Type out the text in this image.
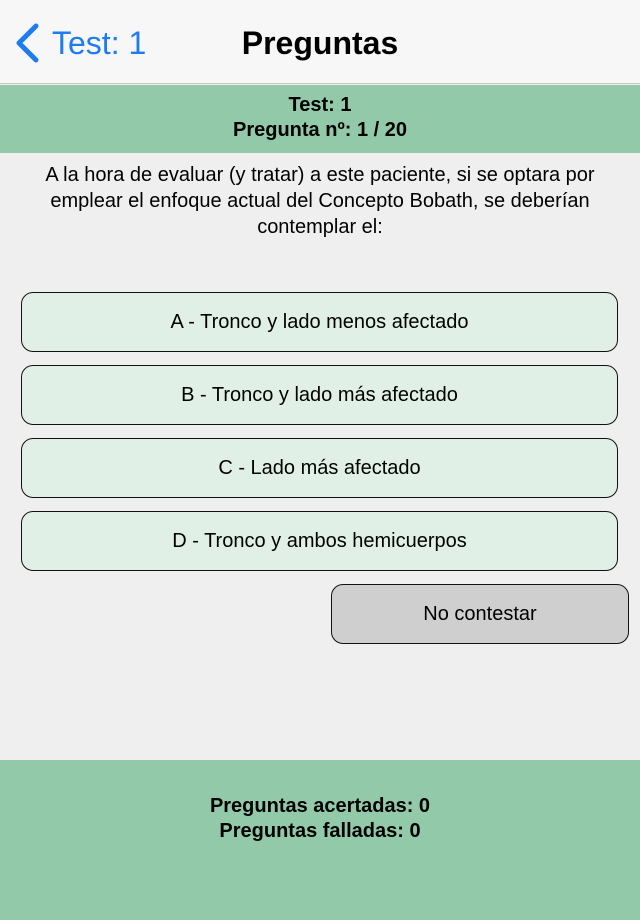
Test: 1	Preguntas
Test: 1
Pregunta nº: 1 / 20
A la hora de evaluar (y tratar) a este paciente, si se optara por emplear el enfoque actual del Concepto Bobath, se deberían contemplar el:
A - Tronco y lado menos afectado
B - Tronco y lado más afectado
C - Lado más afectado
D - Tronco y ambos hemicuerpos
No contestar
Preguntas acertadas: 0
Preguntas falladas: 0
